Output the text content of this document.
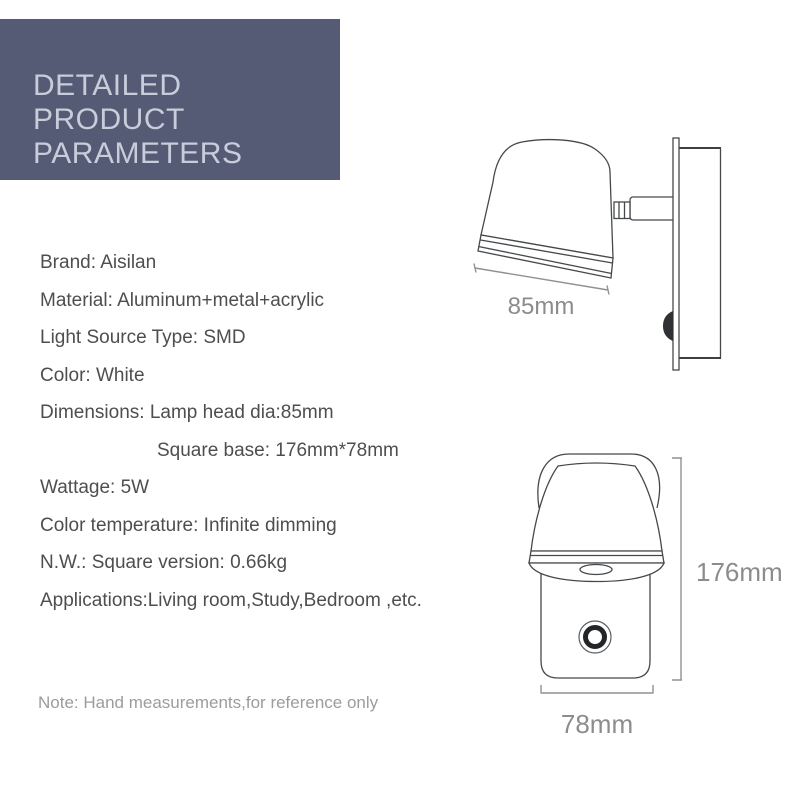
DETAILED PRODUCT
PARAMETERS
Brand: Aisilan
Material: Aluminum+metal+acrylic
Light Source Type: SMD
Color: White
Dimensions: Lamp head dia:85mm
Square base: 176mm*78mm
Wattage: 5W
Color temperature: Infinite dimming
N.W.: Square version: 0.66kg
Applications:Living room,Study,Bedroom ,etc.
Note: Hand measurements,for reference only
85mm
176mm
78mm
